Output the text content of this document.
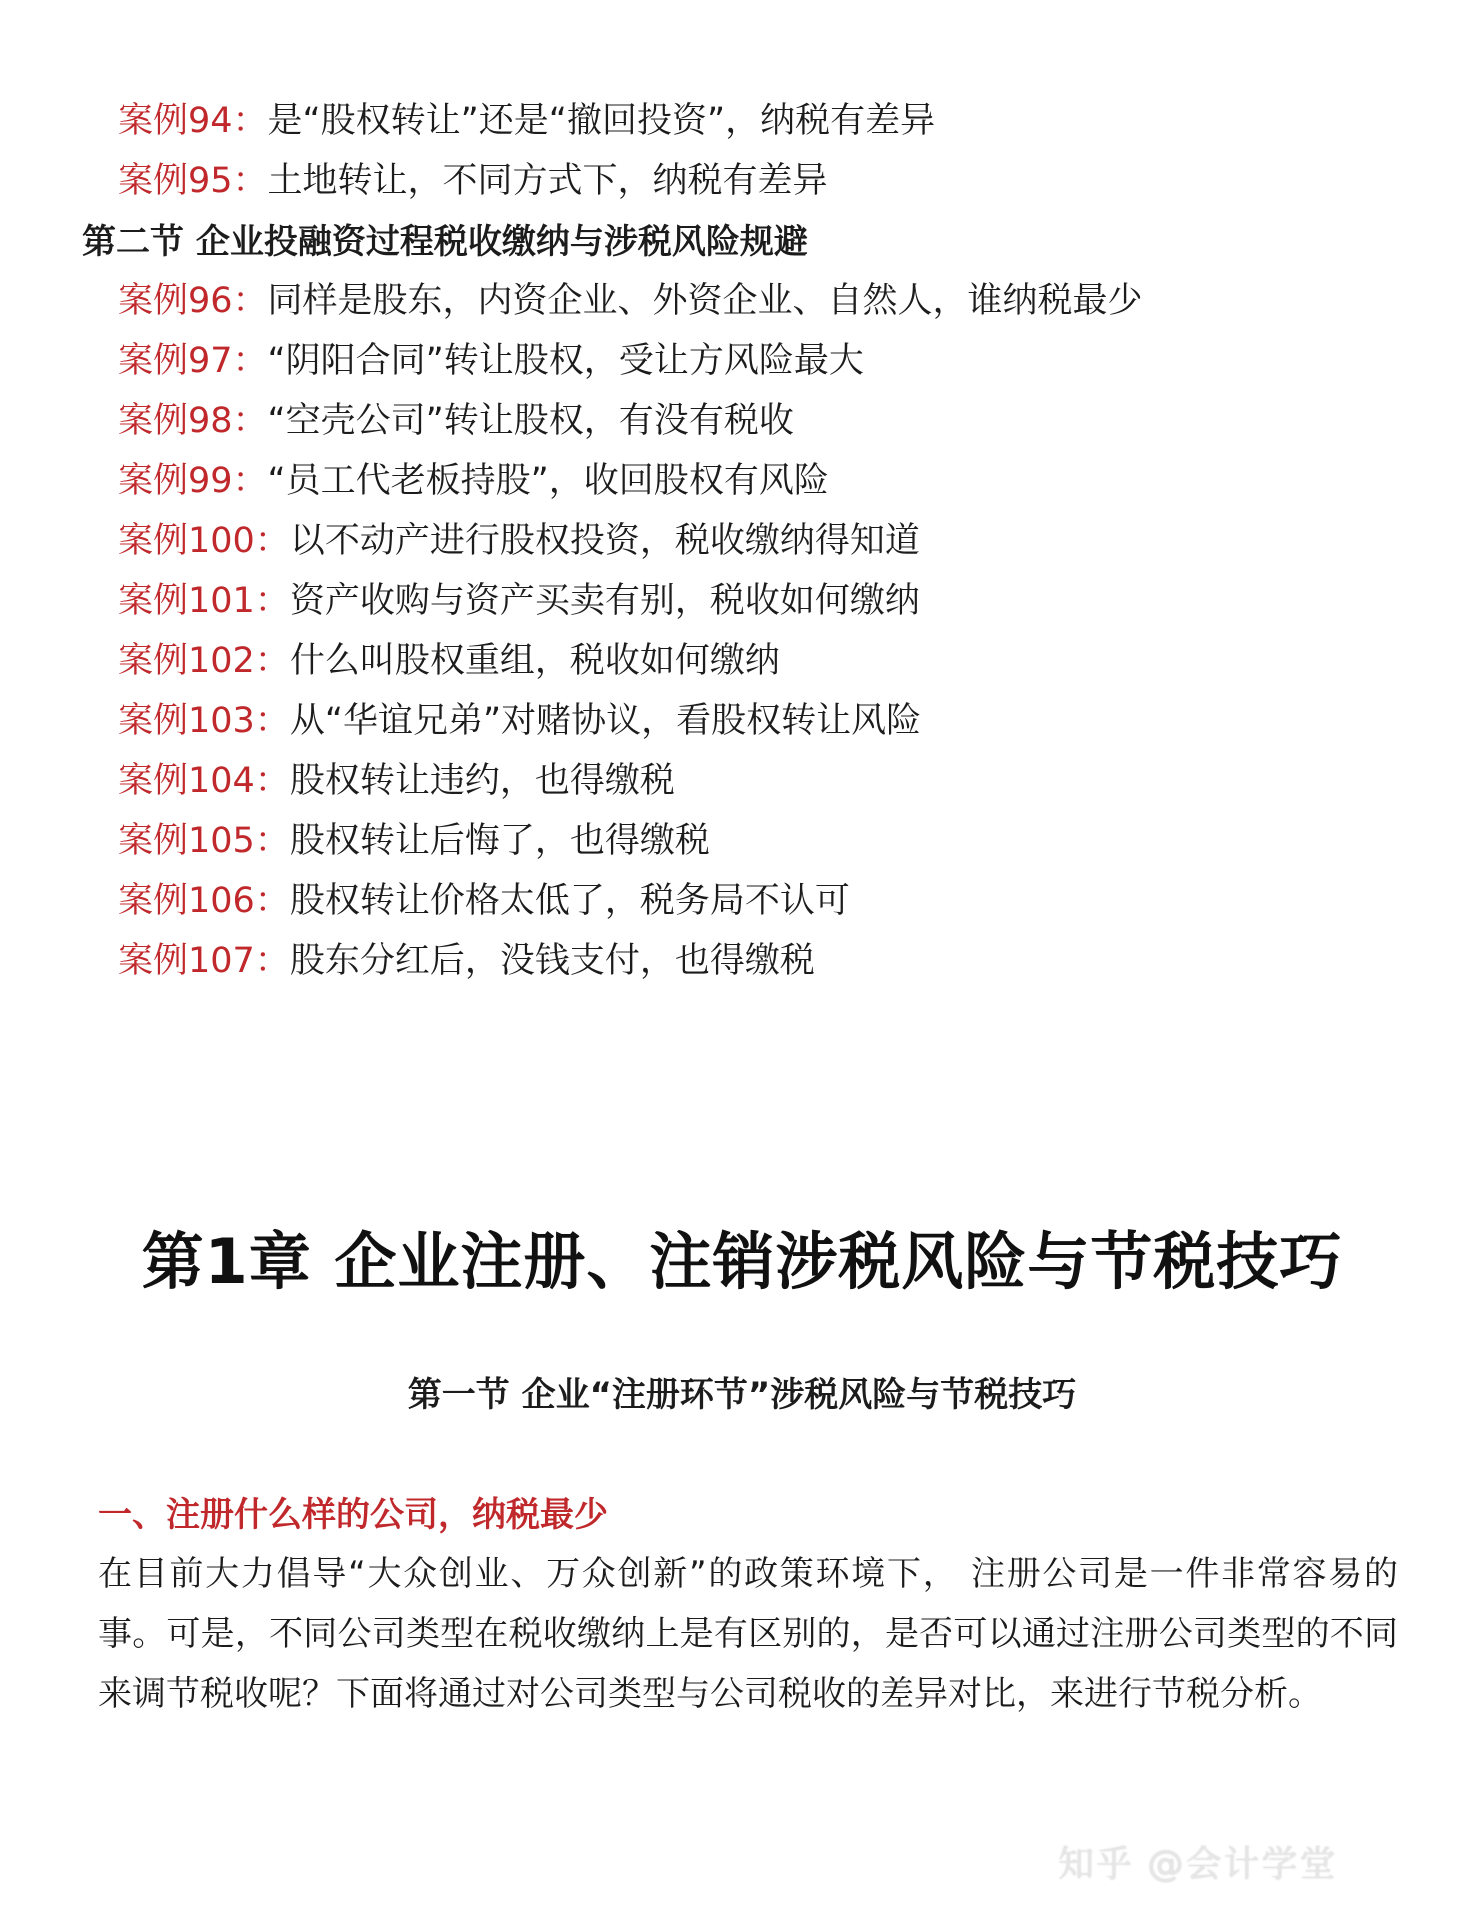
案例94： 是“股权转让”还是“撤回投资”，纳税有差异
案例95： 土地转让，不同方式下，纳税有差异
第二节 企业投融资过程税收缴纳与涉税风险规避
案例96： 同样是股东，内资企业、外资企业、自然人，谁纳税最少
案例97： “阴阳合同”转让股权，受让方风险最大
案例98： “空壳公司”转让股权，有没有税收
案例99： “员工代老板持股”，收回股权有风险
案例100： 以不动产进行股权投资，税收缴纳得知道
案例101： 资产收购与资产买卖有别，税收如何缴纳
案例102： 什么叫股权重组，税收如何缴纳
案例103： 从“华谊兄弟”对赌协议，看股权转让风险
案例104： 股权转让违约，也得缴税
案例105： 股权转让后悔了，也得缴税
案例106： 股权转让价格太低了，税务局不认可
案例107： 股东分红后，没钱支付，也得缴税
第1章 企业注册、注销涉税风险与节税技巧
第一节 企业“注册环节”涉税风险与节税技巧
一、注册什么样的公司，纳税最少

在目前大力倡导“大众创业、万众创新”的政策环境下， 注册公司是一件非常容易的事。可是，不同公司类型在税收缴纳上是有区别的，是否可以通过注册公司类型的不同来调节税收呢？下面将通过对公司类型与公司税收的差异对比，来进行节税分析。

知乎 @会计学堂
